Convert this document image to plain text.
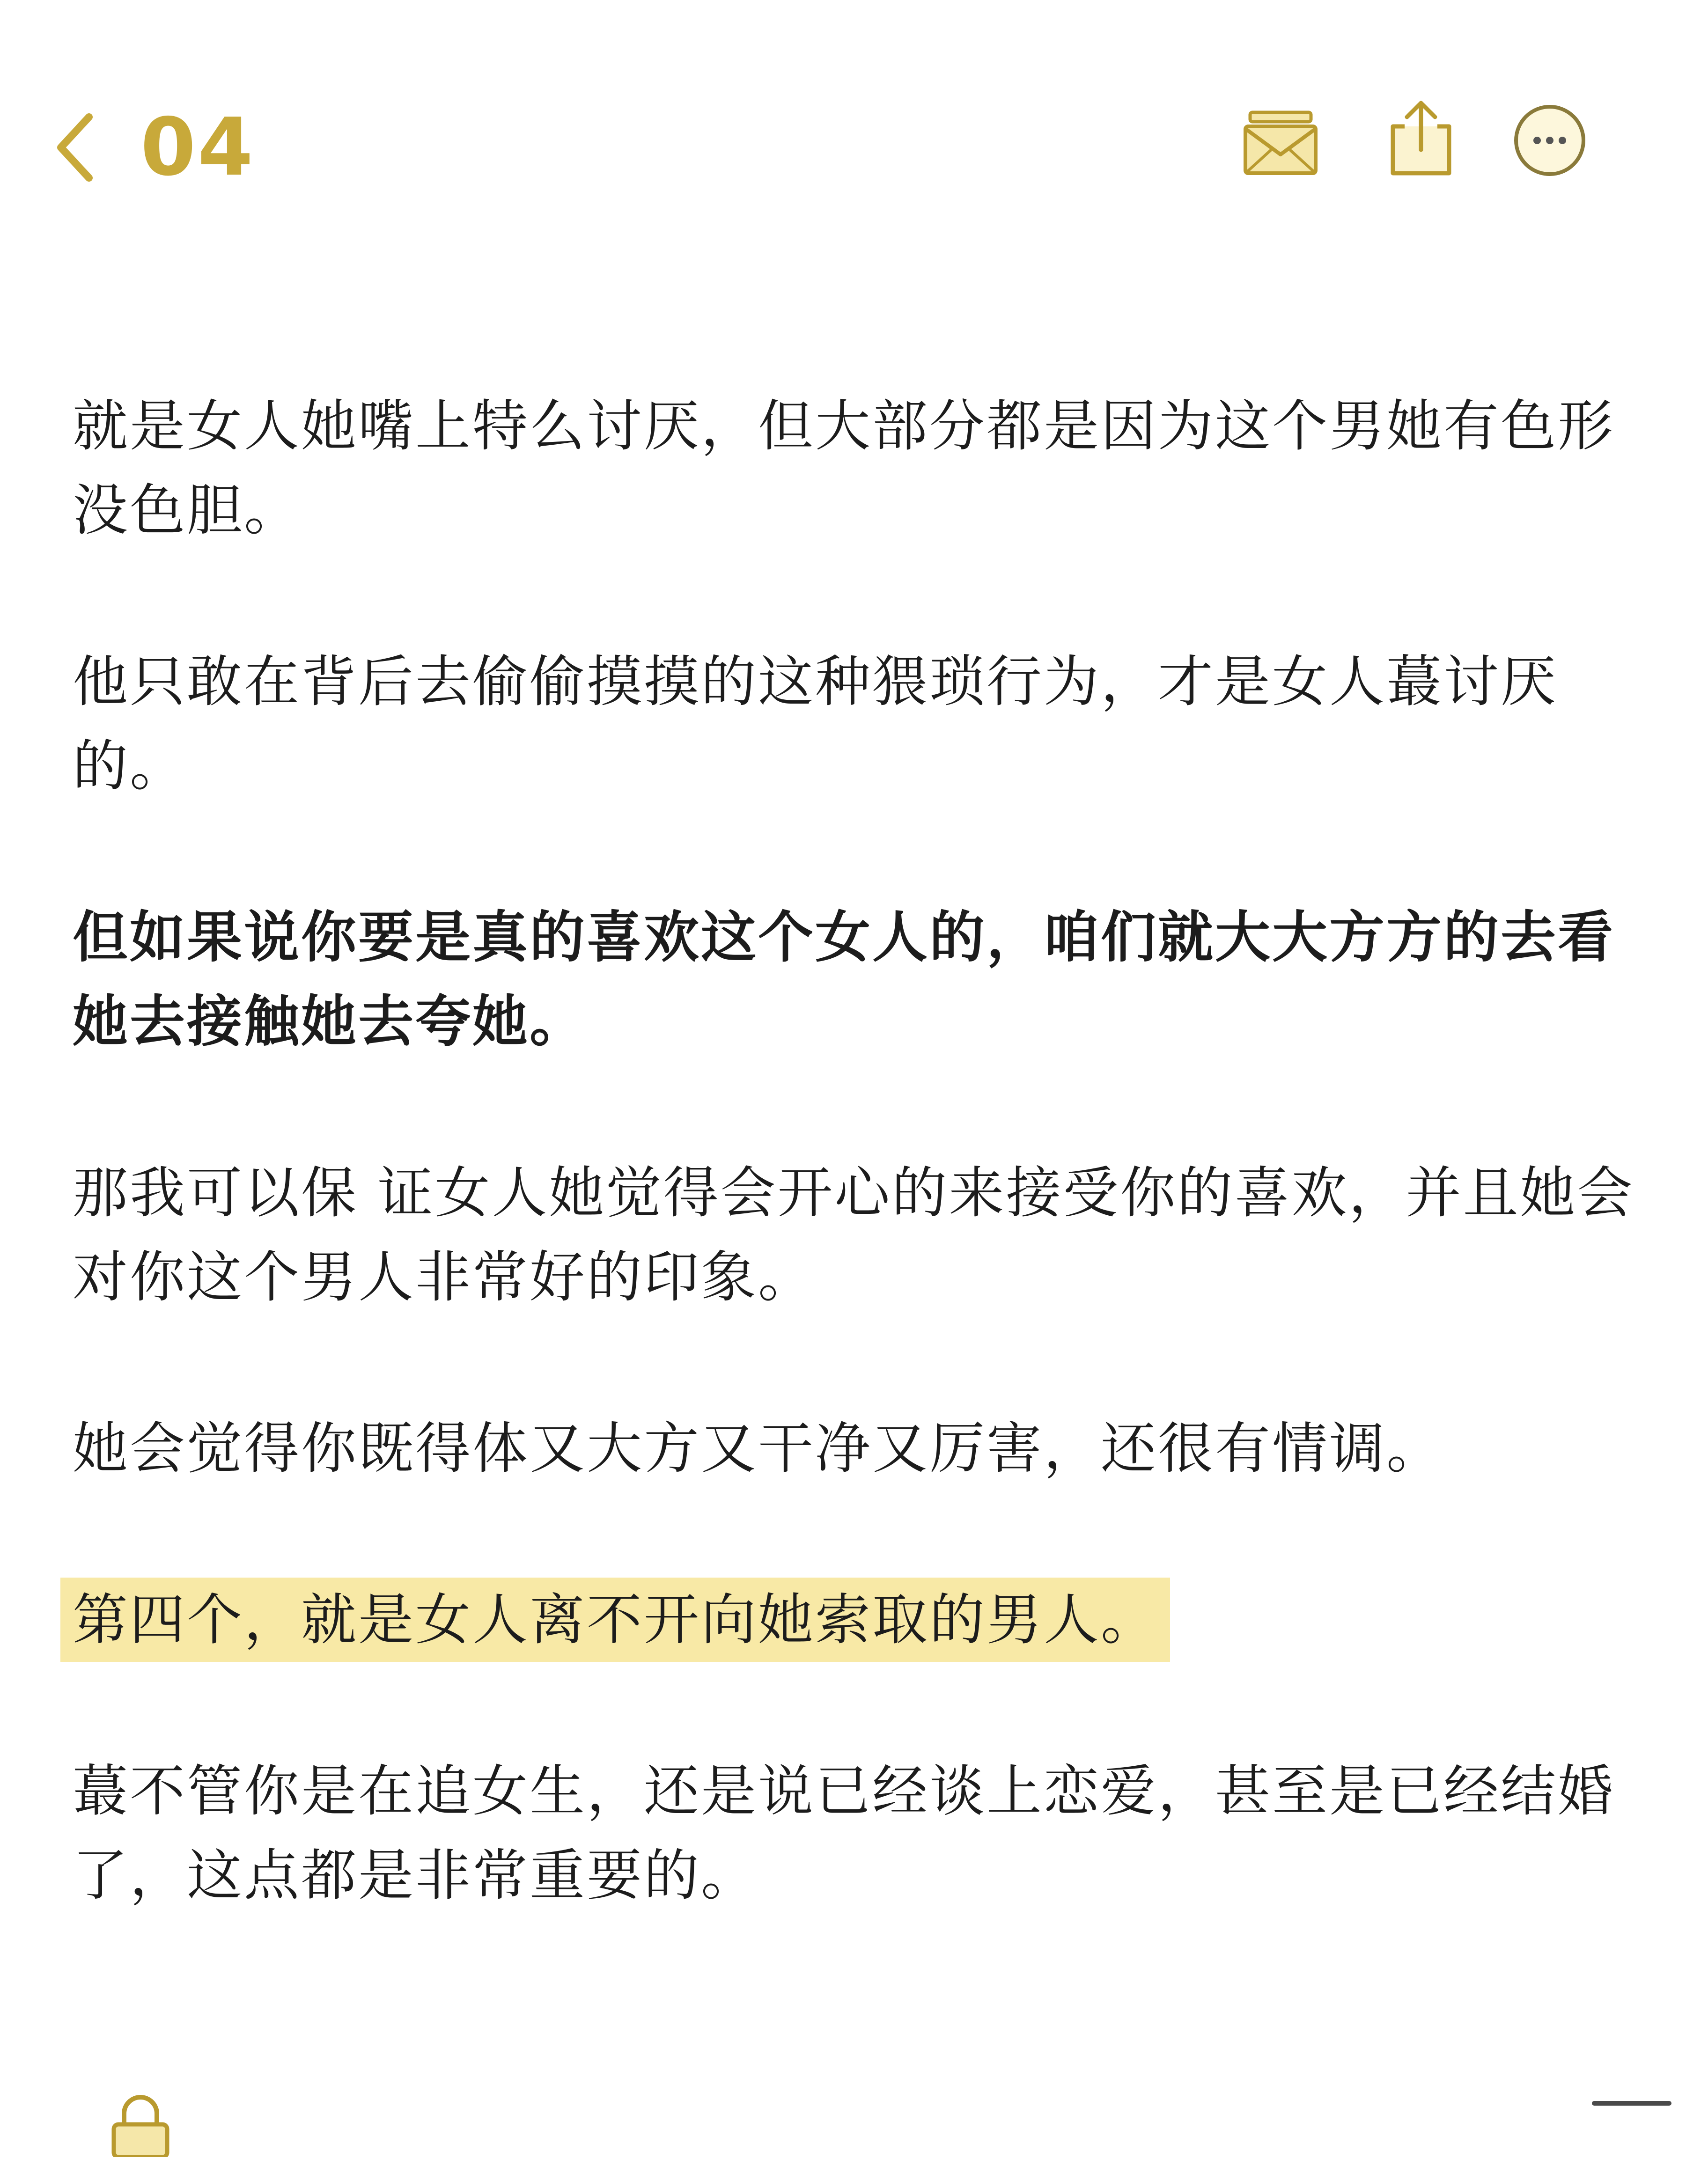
04

就是女人她嘴上特么讨厌，但大部分都是因为这个男她有色形没色胆。

他只敢在背后去偷偷摸摸的这种猥琐行为，才是女人蕞讨厌的。

但如果说你要是真的喜欢这个女人的，咱们就大大方方的去看她去接触她去夸她。

那我可以保 证女人她觉得会开心的来接受你的喜欢，并且她会对你这个男人非常好的印象。

她会觉得你既得体又大方又干净又厉害，还很有情调。

第四个，就是女人离不开向她索取的男人。

蕞不管你是在追女生，还是说已经谈上恋爱，甚至是已经结婚了，这点都是非常重要的。
